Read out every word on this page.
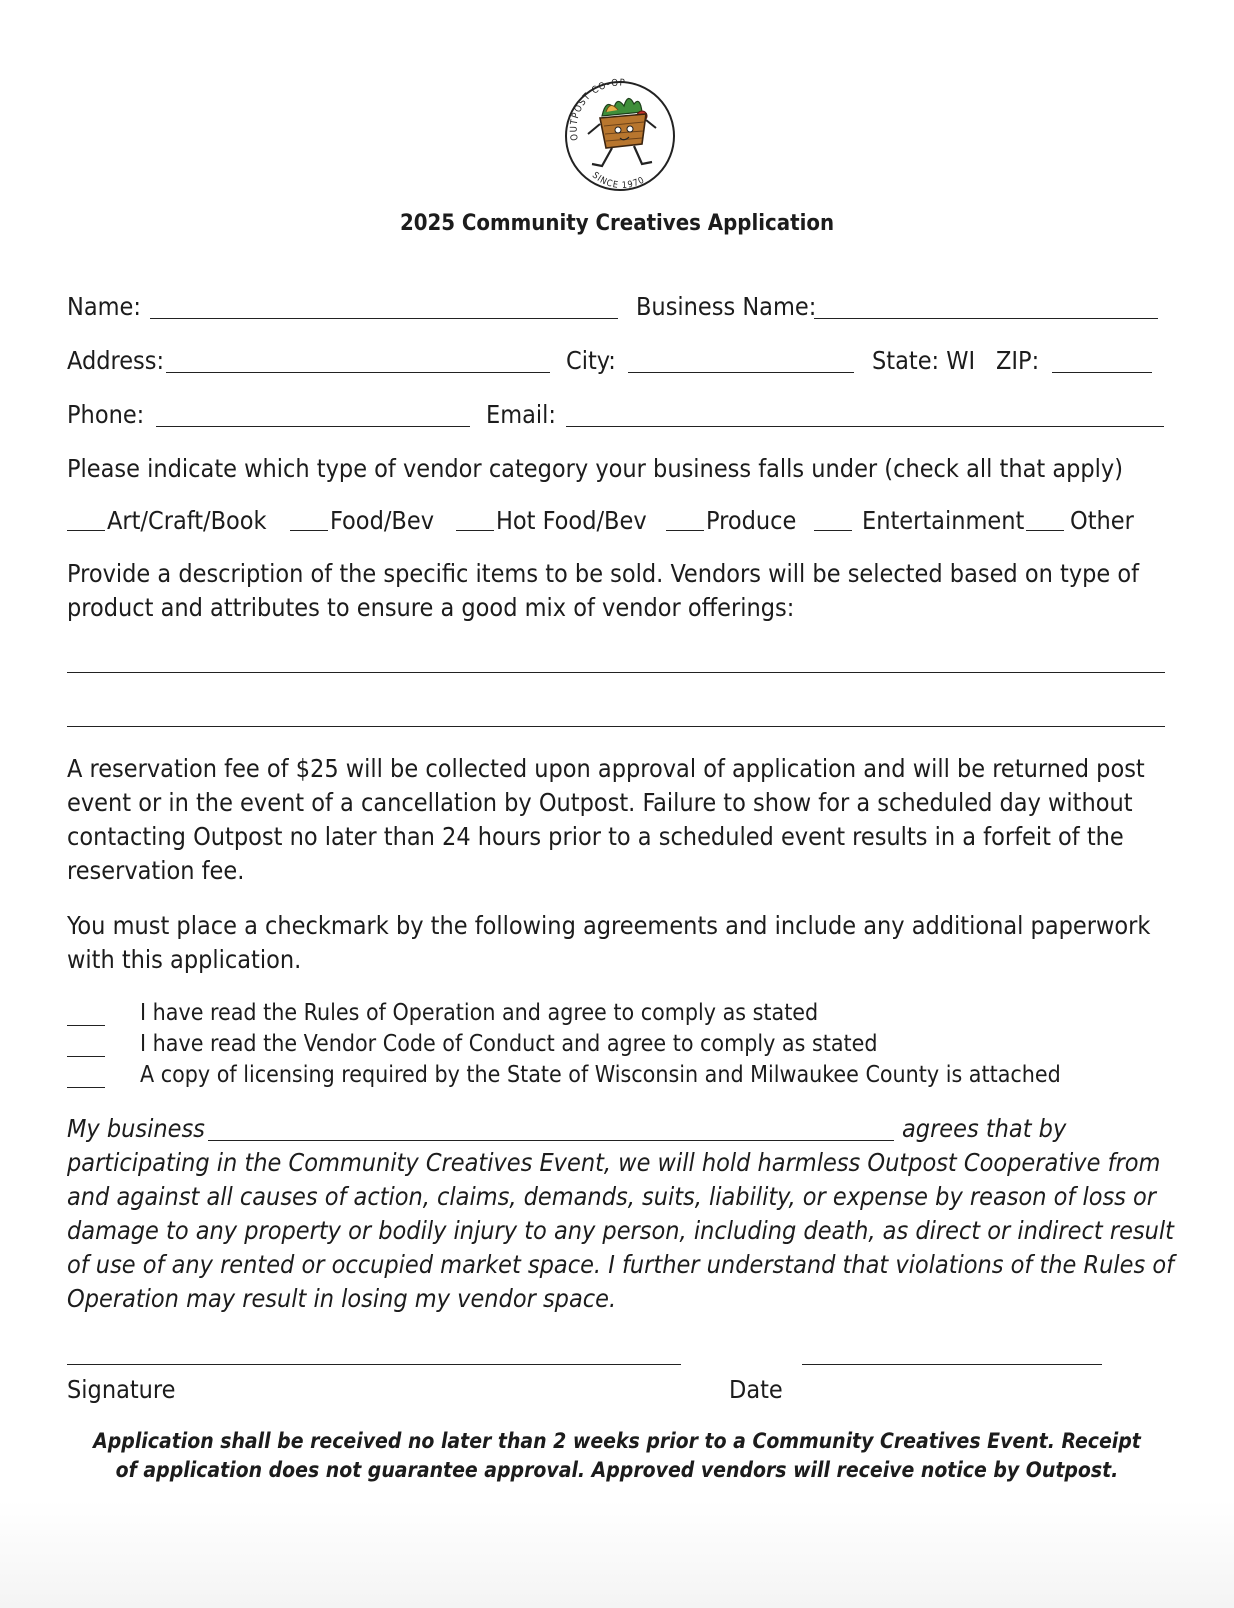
OUTPOST CO-OP
SINCE 1970
2025 Community Creatives Application
Name:	Business Name:
Address:	City:	State: WI ZIP:
Phone:	Email:
Please indicate which type of vendor category your business falls under (check all that apply)
Art/Craft/Book	Food/Bev Hot Food/Bev Produce	Entertainment Other
Provide a description of the specific items to be sold. Vendors will be selected based on type of product and attributes to ensure a good mix of vendor offerings:
A reservation fee of $25 will be collected upon approval of application and will be returned post event or in the event of a cancellation by Outpost. Failure to show for a scheduled day without contacting Outpost no later than 24 hours prior to a scheduled event results in a forfeit of the reservation fee.
You must place a checkmark by the following agreements and include any additional paperwork with this application.
I have read the Rules of Operation and agree to comply as stated
I have read the Vendor Code of Conduct and agree to comply as stated
A copy of licensing required by the State of Wisconsin and Milwaukee County is attached
My business	agrees that by
participating in the Community Creatives Event, we will hold harmless Outpost Cooperative from and against all causes of action, claims, demands, suits, liability, or expense by reason of loss or damage to any property or bodily injury to any person, including death, as direct or indirect result of use of any rented or occupied market space. I further understand that violations of the Rules of Operation may result in losing my vendor space.
Signature	Date
Application shall be received no later than 2 weeks prior to a Community Creatives Event. Receipt of application does not guarantee approval. Approved vendors will receive notice by Outpost.
